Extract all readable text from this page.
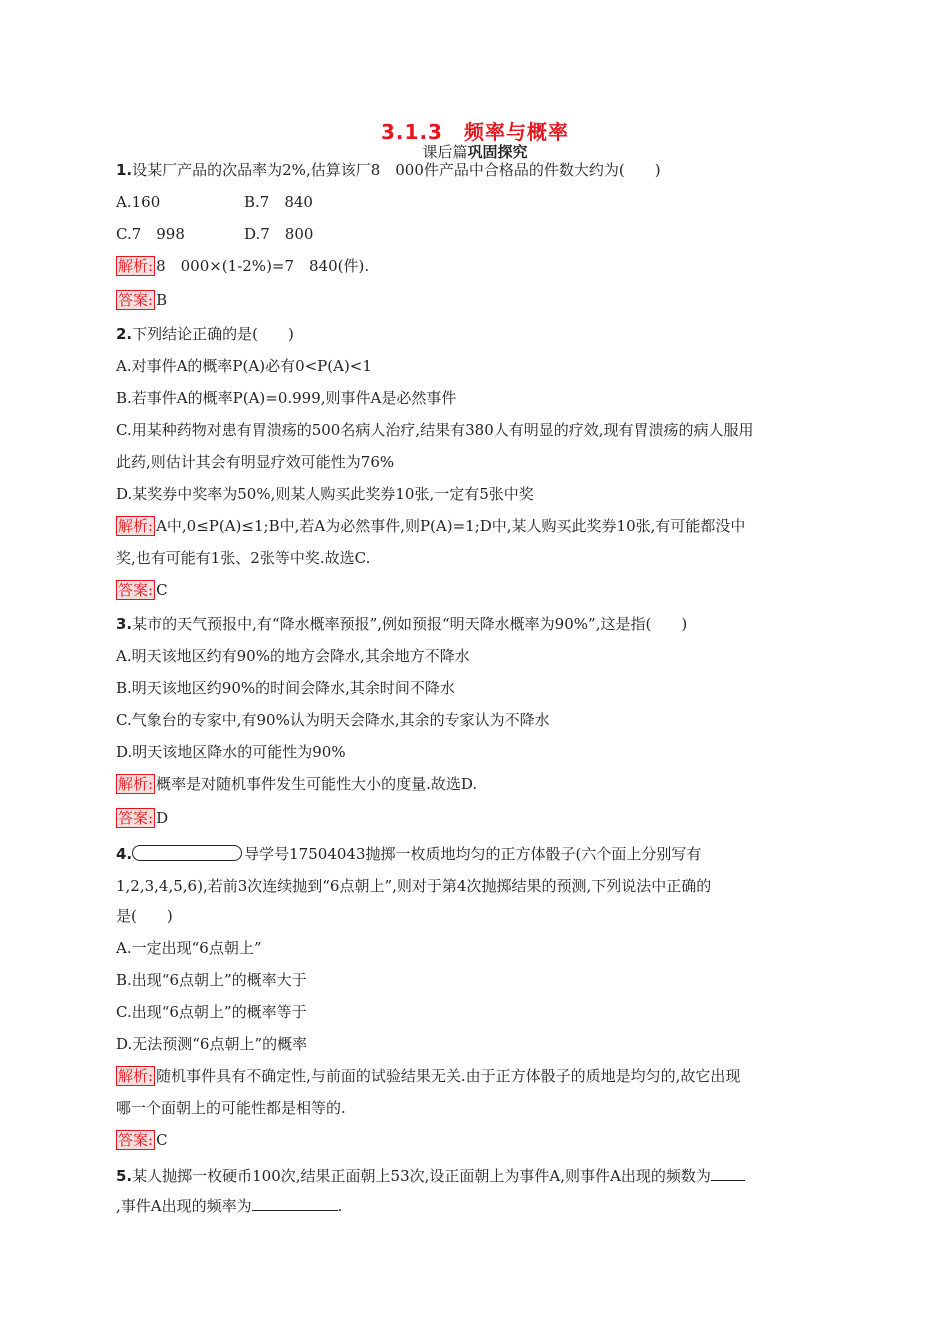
3.1.3　频率与概率
课后篇巩固探究
1.设某厂产品的次品率为2%,估算该厂8　000件产品中合格品的件数大约为(　　)
A.160	B.7　840
C.7　998	D.7　800
解析: 8　000×(1-2%)=7　840(件).
答案: B
2.下列结论正确的是(　　)
A.对事件A的概率P(A)必有0<P(A)<1
B.若事件A的概率P(A)=0.999,则事件A是必然事件
C.用某种药物对患有胃溃疡的500名病人治疗,结果有380人有明显的疗效,现有胃溃疡的病人服用
此药,则估计其会有明显疗效可能性为76%
D.某奖券中奖率为50%,则某人购买此奖券10张,一定有5张中奖
解析: A中,0≤P(A)≤1;B中,若A为必然事件,则P(A)=1;D中,某人购买此奖券10张,有可能都没中
奖,也有可能有1张、2张等中奖.故选C.
答案: C
3.某市的天气预报中,有“降水概率预报”,例如预报“明天降水概率为90%”,这是指(　　)
A.明天该地区约有90%的地方会降水,其余地方不降水
B.明天该地区约90%的时间会降水,其余时间不降水
C.气象台的专家中,有90%认为明天会降水,其余的专家认为不降水
D.明天该地区降水的可能性为90%
解析: 概率是对随机事件发生可能性大小的度量.故选D.
答案: D
4.	导学号17504043抛掷一枚质地均匀的正方体骰子(六个面上分别写有
1,2,3,4,5,6),若前3次连续抛到“6点朝上”,则对于第4次抛掷结果的预测,下列说法中正确的
是(　　)
A.一定出现“6点朝上”
B.出现“6点朝上”的概率大于
C.出现“6点朝上”的概率等于
D.无法预测“6点朝上”的概率
解析: 随机事件具有不确定性,与前面的试验结果无关.由于正方体骰子的质地是均匀的,故它出现
哪一个面朝上的可能性都是相等的.
答案: C
5.某人抛掷一枚硬币100次,结果正面朝上53次,设正面朝上为事件A,则事件A出现的频数为
,事件A出现的频率为	.
